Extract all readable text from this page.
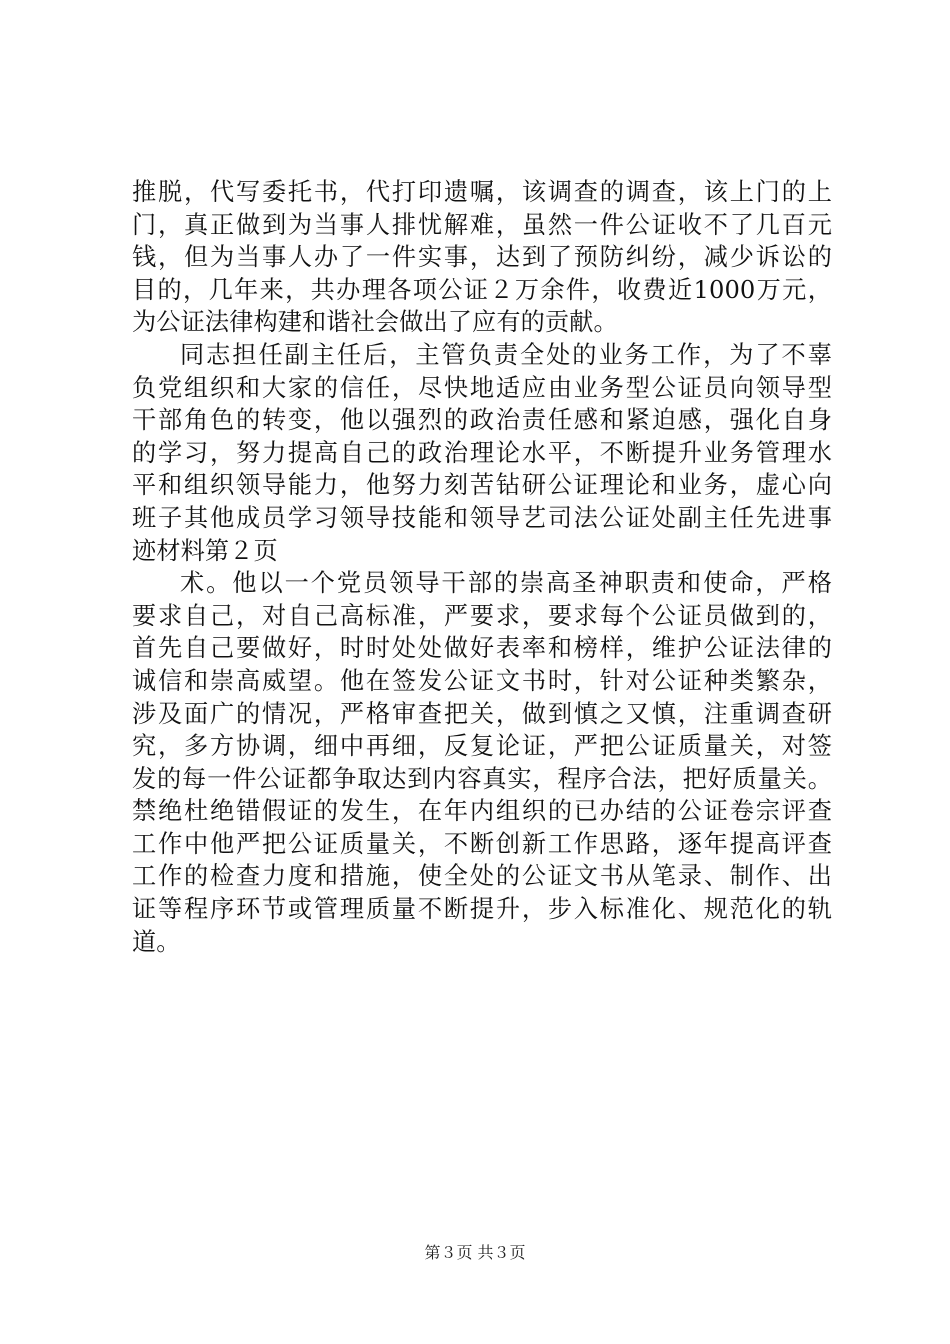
推脱，代写委托书，代打印遗嘱，该调查的调查，该上门的上
门，真正做到为当事人排忧解难，虽然一件公证收不了几百元
钱，但为当事人办了一件实事，达到了预防纠纷，减少诉讼的
目的，几年来，共办理各项公证２万余件，收费近1000万元，
为公证法律构建和谐社会做出了应有的贡献。
同志担任副主任后，主管负责全处的业务工作，为了不辜
负党组织和大家的信任，尽快地适应由业务型公证员向领导型
干部角色的转变，他以强烈的政治责任感和紧迫感，强化自身
的学习，努力提高自己的政治理论水平，不断提升业务管理水
平和组织领导能力，他努力刻苦钻研公证理论和业务，虚心向
班子其他成员学习领导技能和领导艺司法公证处副主任先进事
迹材料第２页
术。他以一个党员领导干部的崇高圣神职责和使命，严格
要求自己，对自己高标准，严要求，要求每个公证员做到的，
首先自己要做好，时时处处做好表率和榜样，维护公证法律的
诚信和崇高威望。他在签发公证文书时，针对公证种类繁杂，
涉及面广的情况，严格审查把关，做到慎之又慎，注重调查研
究，多方协调，细中再细，反复论证，严把公证质量关，对签
发的每一件公证都争取达到内容真实，程序合法，把好质量关。
禁绝杜绝错假证的发生，在年内组织的已办结的公证卷宗评查
工作中他严把公证质量关，不断创新工作思路，逐年提高评查
工作的检查力度和措施，使全处的公证文书从笔录、制作、出
证等程序环节或管理质量不断提升，步入标准化、规范化的轨
道。
第３页 共３页
